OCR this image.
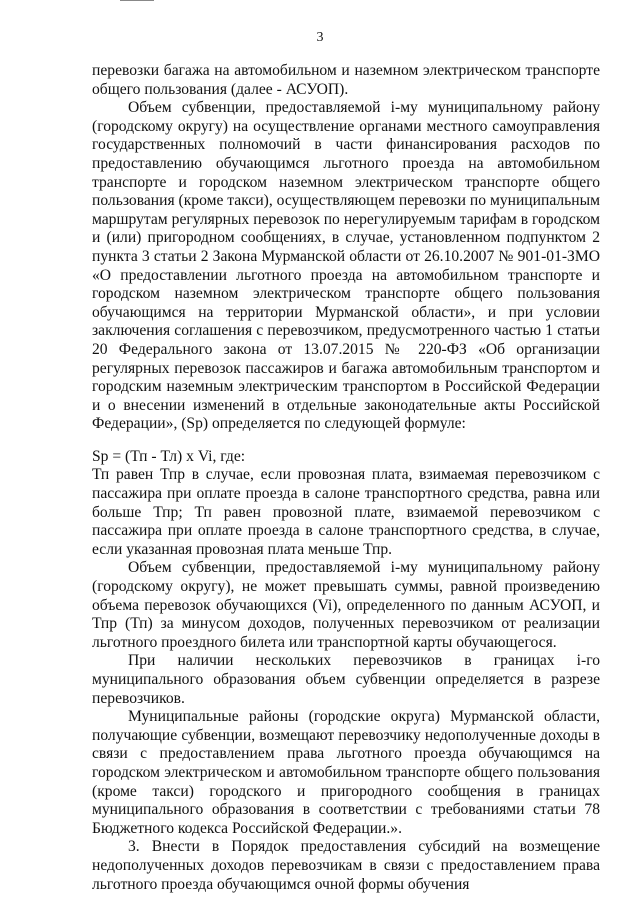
3
перевозки багажа на автомобильном и наземном электрическом транспорте общего пользования (далее - АСУОП).
Объем субвенции, предоставляемой i-му муниципальному району (городскому округу) на осуществление органами местного самоуправления государственных полномочий в части финансирования расходов по предоставлению обучающимся льготного проезда на автомобильном транспорте и городском наземном электрическом транспорте общего пользования (кроме такси), осуществляющем перевозки по муниципальным маршрутам регулярных перевозок по нерегулируемым тарифам в городском и (или) пригородном сообщениях, в случае, установленном подпунктом 2 пункта 3 статьи 2 Закона Мурманской области от 26.10.2007 № 901-01-ЗМО «О предоставлении льготного проезда на автомобильном транспорте и городском наземном электрическом транспорте общего пользования обучающимся на территории Мурманской области», и при условии заключения соглашения с перевозчиком, предусмотренного частью 1 статьи 20 Федерального закона от 13.07.2015 № 220-ФЗ «Об организации регулярных перевозок пассажиров и багажа автомобильным транспортом и городским наземным электрическим транспортом в Российской Федерации и о внесении изменений в отдельные законодательные акты Российской Федерации», (Sр) определяется по следующей формуле:
Sр = (Тп - Тл) х Vi, где:
Тп равен Тпр в случае, если провозная плата, взимаемая перевозчиком с пассажира при оплате проезда в салоне транспортного средства, равна или больше Тпр; Тп равен провозной плате, взимаемой перевозчиком с пассажира при оплате проезда в салоне транспортного средства, в случае, если указанная провозная плата меньше Тпр.
Объем субвенции, предоставляемой i-му муниципальному району (городскому округу), не может превышать суммы, равной произведению объема перевозок обучающихся (Vi), определенного по данным АСУОП, и Тпр (Тп) за минусом доходов, полученных перевозчиком от реализации льготного проездного билета или транспортной карты обучающегося.
При наличии нескольких перевозчиков в границах i-го муниципального образования объем субвенции определяется в разрезе перевозчиков.
Муниципальные районы (городские округа) Мурманской области, получающие субвенции, возмещают перевозчику недополученные доходы в связи с предоставлением права льготного проезда обучающимся на городском электрическом и автомобильном транспорте общего пользования (кроме такси) городского и пригородного сообщения в границах муниципального образования в соответствии с требованиями статьи 78 Бюджетного кодекса Российской Федерации.».
3. Внести в Порядок предоставления субсидий на возмещение недополученных доходов перевозчикам в связи с предоставлением права льготного проезда обучающимся очной формы обучения
